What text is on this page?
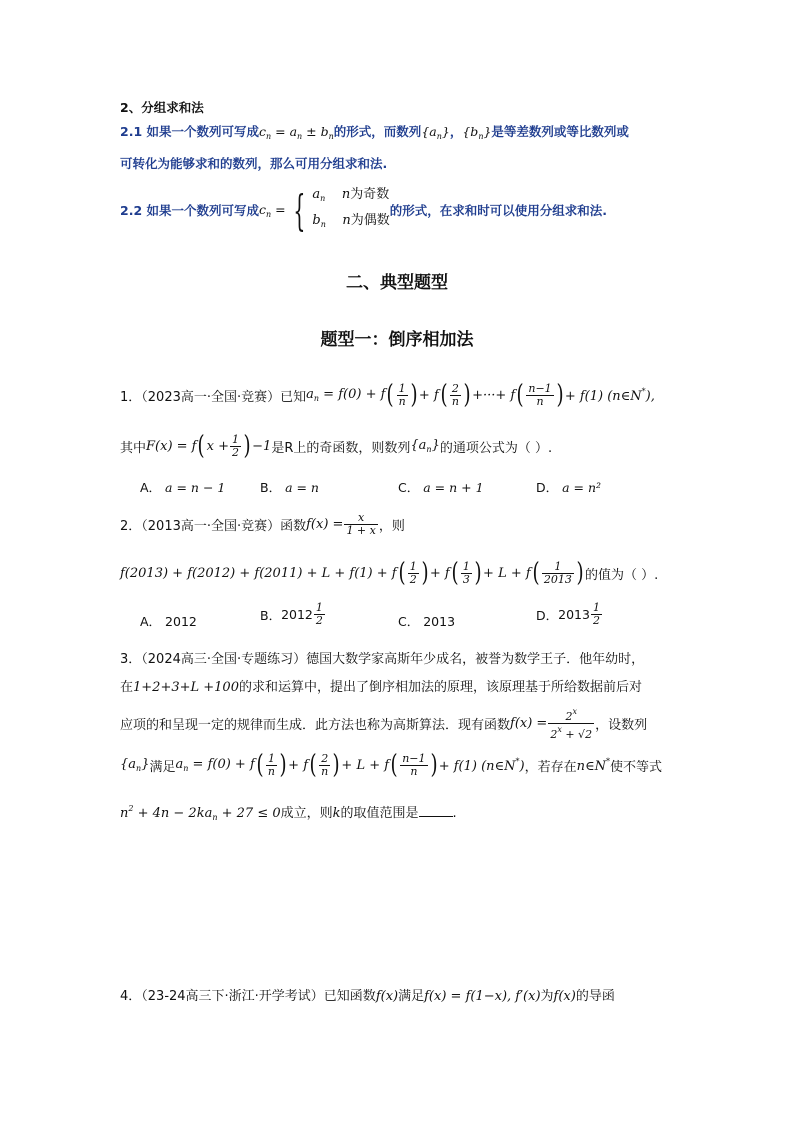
2、分组求和法
2.1 如果一个数列可写成$c_n = a_n \pm b_n$的形式，而数列$\{a_n\}$，$\{b_n\}$是等差数列或等比数列或
可转化为能够求和的数列，那么可用分组求和法.
2.2 如果一个数列可写成 $c_n$ = { $a_n$ n为奇数
$b_n$ n为偶数
的形式，在求和时可以使用分组求和法.
二、典型题型
题型一：倒序相加法
1．（2023高一·全国·竞赛）已知 $a_n = f(0) + f$ ( $\frac{1}{n}$ ) + f ( $\frac{2}{n}$ ) +···+ f ( $\frac{n-1}{n}$ ) + f(1) (n∈N*),
其中 F(x) = f ( $x + \frac{1}{2}$ ) −1 是R上的奇函数，则数列 $\{a_n\}$ 的通项公式为（ ）.
A． a = n − 1	B． a = n	C． a = n + 1	D． a = n²
2．（2013高一·全国·竞赛）函数 $f(x) = \frac{x}{1 + x}$ ，则
f(2013) + f(2012) + f(2011) + L + f(1) + f ( $\frac{1}{2}$ ) + f ( $\frac{1}{3}$ ) + L + f ( $\frac{1}{2013}$ ) 的值为（ ）.
A． 2012	B． $2012 \frac{1}{2}$	C． 2013	D． $2013 \frac{1}{2}$
3．（2024高三·全国·专题练习）德国大数学家高斯年少成名，被誉为数学王子．他年幼时，
在1+2+3+L +100的求和运算中，提出了倒序相加法的原理，该原理基于所给数据前后对
应项的和呈现一定的规律而生成．此方法也称为高斯算法．现有函数 $f(x) = \frac{2^x}{2^x + √2}$ ，设数列
$\{a_n\}$ 满足 $a_n = f(0) + f$ ( $\frac{1}{n}$ ) + f ( $\frac{2}{n}$ ) + L + f ( $\frac{n-1}{n}$ ) + f(1) (n∈N*) ，若存在 n∈N* 使不等式
$n^2 + 4n - 2ka_n + 27 \le 0$成立，则k的取值范围是	.
4．（23-24高三下·浙江·开学考试）已知函数f(x)满足f(x) = f(1−x), f′(x)为f(x)的导函
